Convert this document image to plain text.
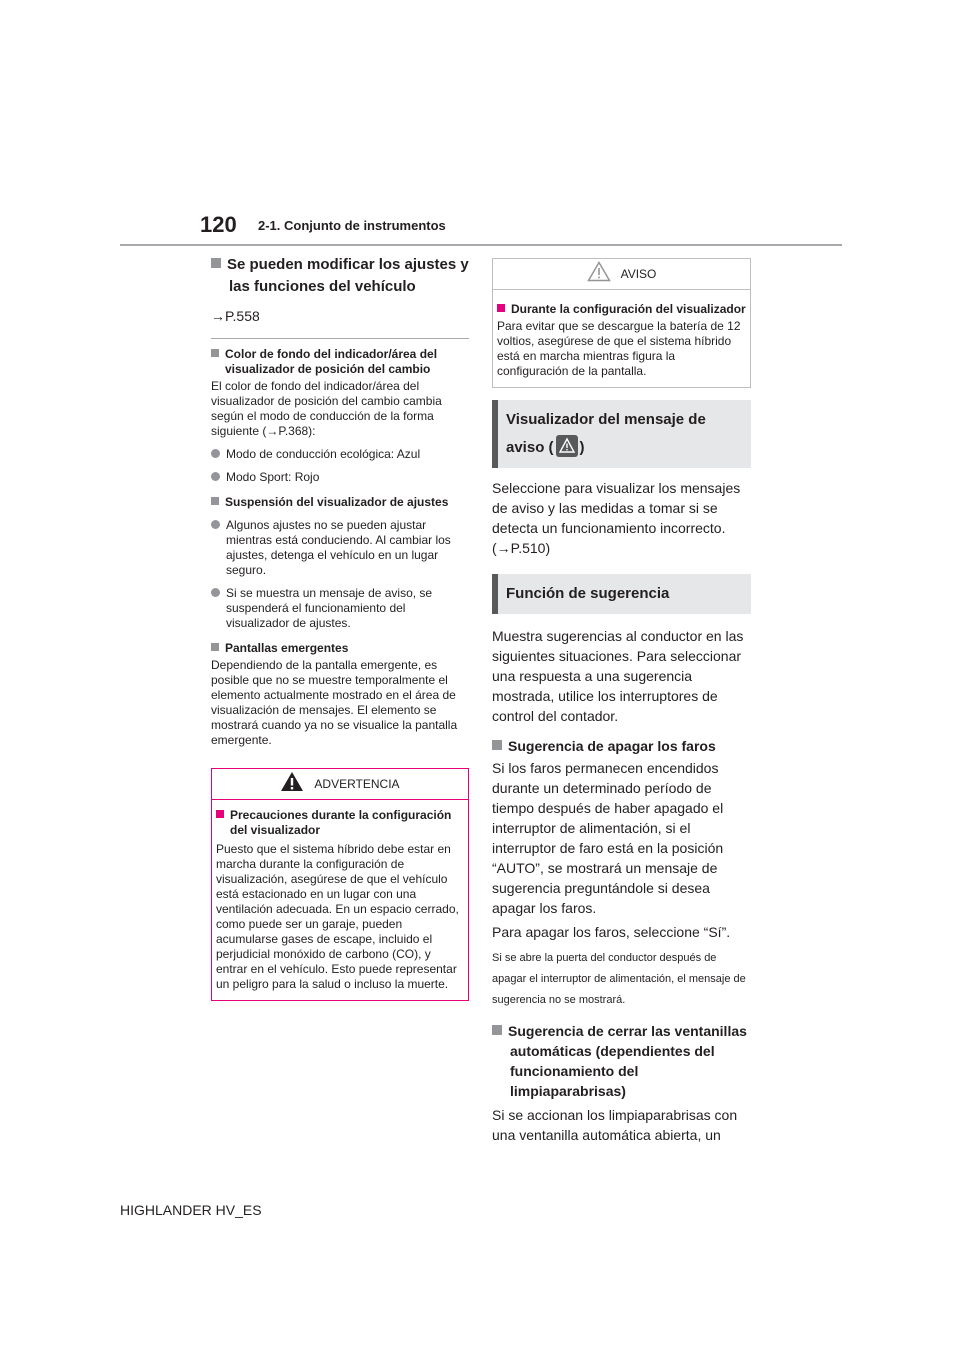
120 2-1. Conjunto de instrumentos

Se pueden modificar los ajustes y las funciones del vehículo

→P.558

Color de fondo del indicador/área del visualizador de posición del cambio

El color de fondo del indicador/área del visualizador de posición del cambio cambia según el modo de conducción de la forma siguiente (→P.368):

Modo de conducción ecológica: Azul

Modo Sport: Rojo

Suspensión del visualizador de ajustes

Algunos ajustes no se pueden ajustar mientras está conduciendo. Al cambiar los ajustes, detenga el vehículo en un lugar seguro.

Si se muestra un mensaje de aviso, se suspenderá el funcionamiento del visualizador de ajustes.

Pantallas emergentes

Dependiendo de la pantalla emergente, es posible que no se muestre temporalmente el elemento actualmente mostrado en el área de visualización de mensajes. El elemento se mostrará cuando ya no se visualice la pantalla emergente.

ADVERTENCIA

Precauciones durante la configuración del visualizador

Puesto que el sistema híbrido debe estar en marcha durante la configuración de visualización, asegúrese de que el vehículo está estacionado en un lugar con una ventilación adecuada. En un espacio cerrado, como puede ser un garaje, pueden acumularse gases de escape, incluido el perjudicial monóxido de carbono (CO), y entrar en el vehículo. Esto puede representar un peligro para la salud o incluso la muerte.

AVISO

Durante la configuración del visualizador

Para evitar que se descargue la batería de 12 voltios, asegúrese de que el sistema híbrido está en marcha mientras figura la configuración de la pantalla.

Visualizador del mensaje de

aviso ( )

Seleccione para visualizar los mensajes de aviso y las medidas a tomar si se detecta un funcionamiento incorrecto.

(→P.510)

Función de sugerencia

Muestra sugerencias al conductor en las siguientes situaciones. Para seleccionar una respuesta a una sugerencia mostrada, utilice los interruptores de control del contador.

Sugerencia de apagar los faros

Si los faros permanecen encendidos durante un determinado período de tiempo después de haber apagado el interruptor de alimentación, si el interruptor de faro está en la posición “AUTO”, se mostrará un mensaje de sugerencia preguntándole si desea apagar los faros.

Para apagar los faros, seleccione “Sí”.

Si se abre la puerta del conductor después de apagar el interruptor de alimentación, el mensaje de sugerencia no se mostrará.

Sugerencia de cerrar las ventanillas automáticas (dependientes del funcionamiento del limpiaparabrisas)

Si se accionan los limpiaparabrisas con una ventanilla automática abierta, un

HIGHLANDER HV_ES
